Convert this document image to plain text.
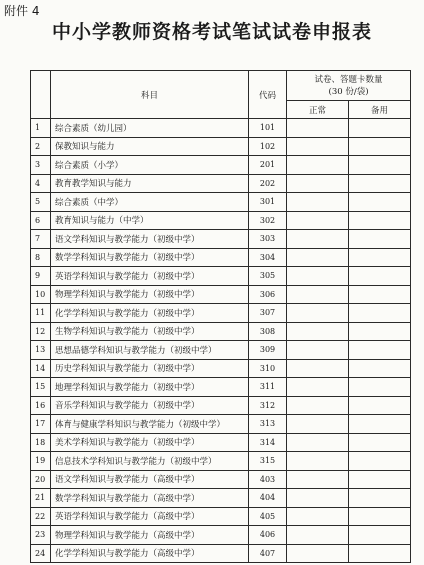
附件 4
中小学教师资格考试笔试试卷申报表
	科目	代码	试卷、答题卡数量
(30 份/袋)	

			正常	备用
1	综合素质（幼儿园）	101		
2	保教知识与能力	102		
3	综合素质（小学）	201		
4	教育教学知识与能力	202		
5	综合素质（中学）	301		
6	教育知识与能力（中学）	302		
7	语文学科知识与教学能力（初级中学）	303		
8	数学学科知识与教学能力（初级中学）	304		
9	英语学科知识与教学能力（初级中学）	305		
10	物理学科知识与教学能力（初级中学）	306		
11	化学学科知识与教学能力（初级中学）	307		
12	生物学科知识与教学能力（初级中学）	308		
13	思想品德学科知识与教学能力（初级中学）	309		
14	历史学科知识与教学能力（初级中学）	310		
15	地理学科知识与教学能力（初级中学）	311		
16	音乐学科知识与教学能力（初级中学）	312		
17	体育与健康学科知识与教学能力（初级中学）	313		
18	美术学科知识与教学能力（初级中学）	314		
19	信息技术学科知识与教学能力（初级中学）	315		
20	语文学科知识与教学能力（高级中学）	403		
21	数学学科知识与教学能力（高级中学）	404		
22	英语学科知识与教学能力（高级中学）	405		
23	物理学科知识与教学能力（高级中学）	406		
24	化学学科知识与教学能力（高级中学）	407		
